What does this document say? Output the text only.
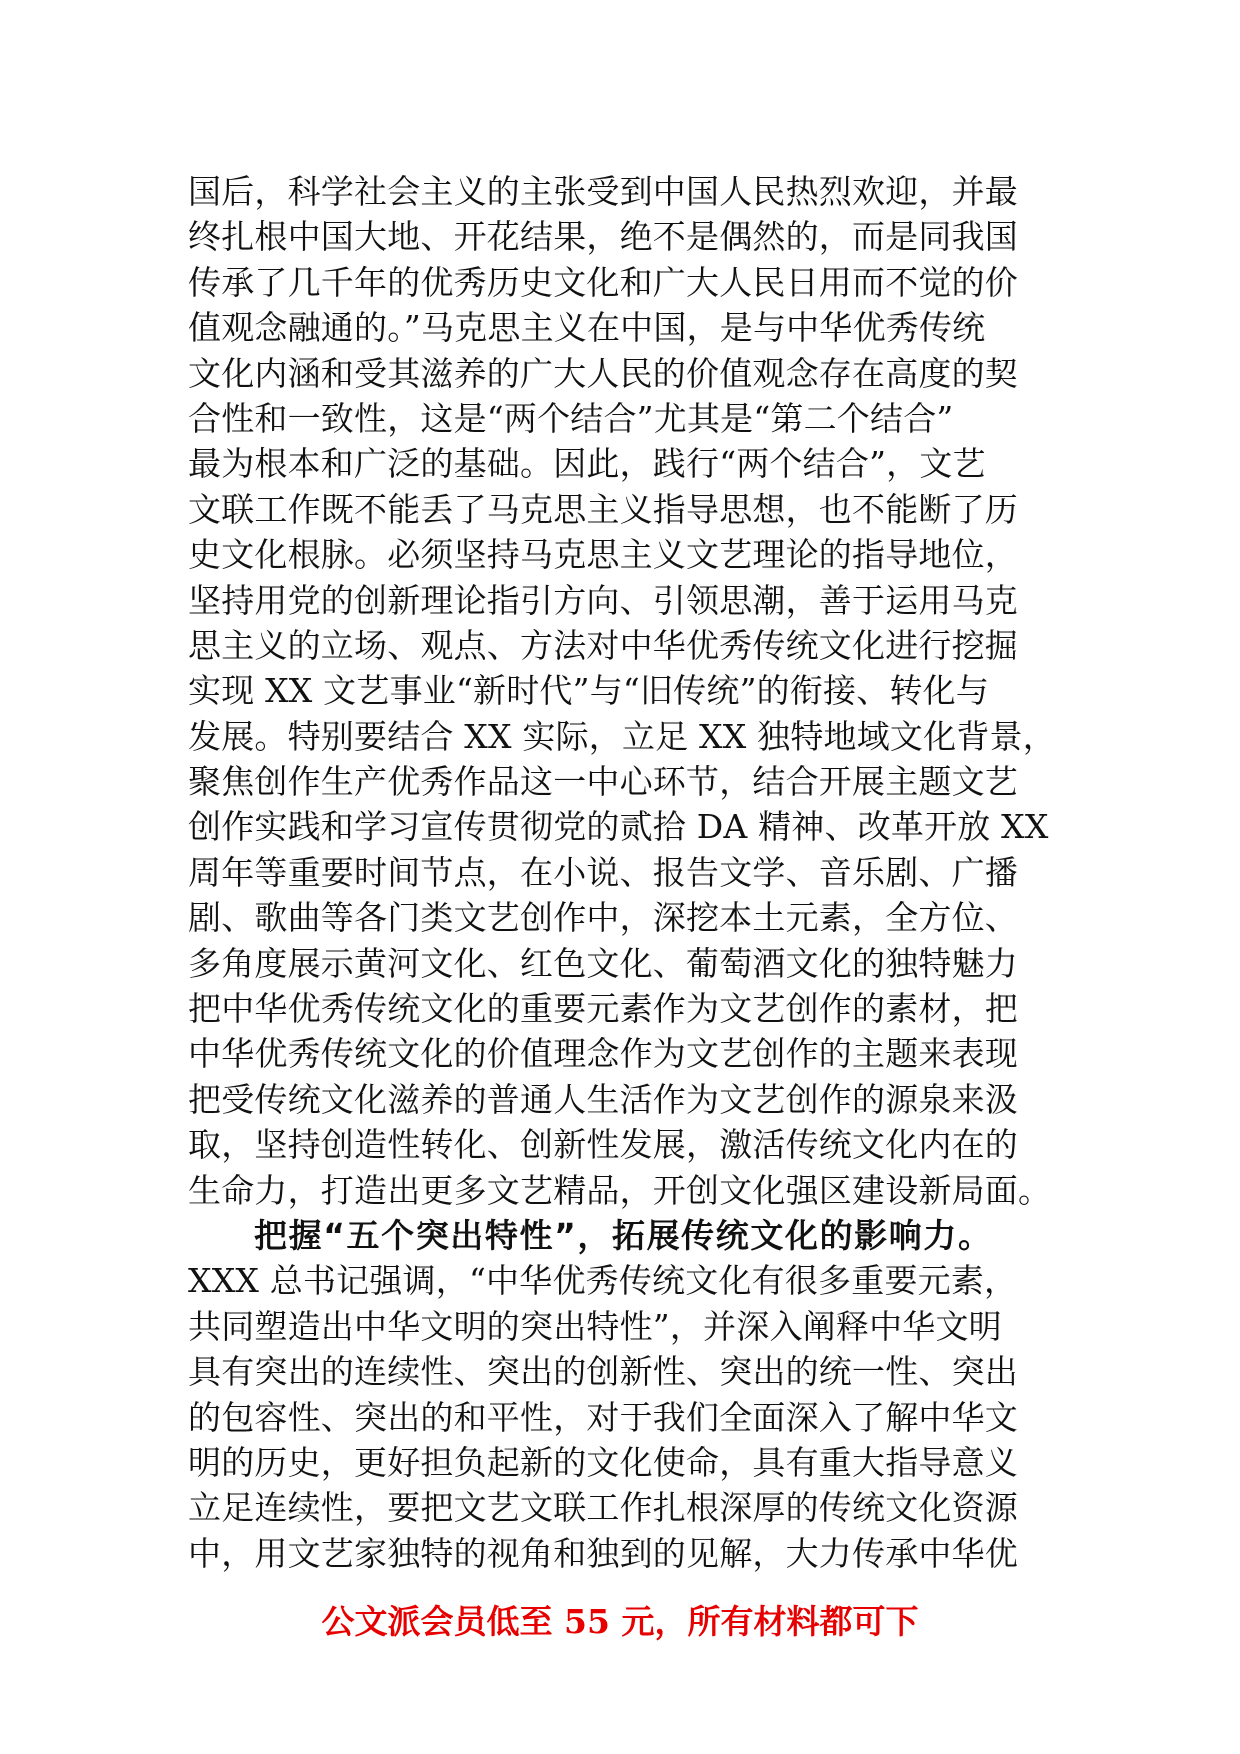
国后，科学社会主义的主张受到中国人民热烈欢迎，并最
终扎根中国大地、开花结果，绝不是偶然的，而是同我国
传承了几千年的优秀历史文化和广大人民日用而不觉的价
值观念融通的。”马克思主义在中国，是与中华优秀传统
文化内涵和受其滋养的广大人民的价值观念存在高度的契
合性和一致性，这是“两个结合”尤其是“第二个结合”
最为根本和广泛的基础。因此，践行“两个结合”，文艺
文联工作既不能丢了马克思主义指导思想，也不能断了历
史文化根脉。必须坚持马克思主义文艺理论的指导地位，
坚持用党的创新理论指引方向、引领思潮，善于运用马克
思主义的立场、观点、方法对中华优秀传统文化进行挖掘
实现 XX 文艺事业“新时代”与“旧传统”的衔接、转化与
发展。特别要结合 XX 实际，立足 XX 独特地域文化背景，
聚焦创作生产优秀作品这一中心环节，结合开展主题文艺
创作实践和学习宣传贯彻党的贰拾 DA 精神、改革开放 XX
周年等重要时间节点，在小说、报告文学、音乐剧、广播
剧、歌曲等各门类文艺创作中，深挖本土元素，全方位、
多角度展示黄河文化、红色文化、葡萄酒文化的独特魅力
把中华优秀传统文化的重要元素作为文艺创作的素材，把
中华优秀传统文化的价值理念作为文艺创作的主题来表现
把受传统文化滋养的普通人生活作为文艺创作的源泉来汲
取，坚持创造性转化、创新性发展，激活传统文化内在的
生命力，打造出更多文艺精品，开创文化强区建设新局面。
把握“五个突出特性”，拓展传统文化的影响力。
XXX 总书记强调，“中华优秀传统文化有很多重要元素，
共同塑造出中华文明的突出特性”，并深入阐释中华文明
具有突出的连续性、突出的创新性、突出的统一性、突出
的包容性、突出的和平性，对于我们全面深入了解中华文
明的历史，更好担负起新的文化使命，具有重大指导意义
立足连续性，要把文艺文联工作扎根深厚的传统文化资源
中，用文艺家独特的视角和独到的见解，大力传承中华优
公文派会员低至 55 元，所有材料都可下
